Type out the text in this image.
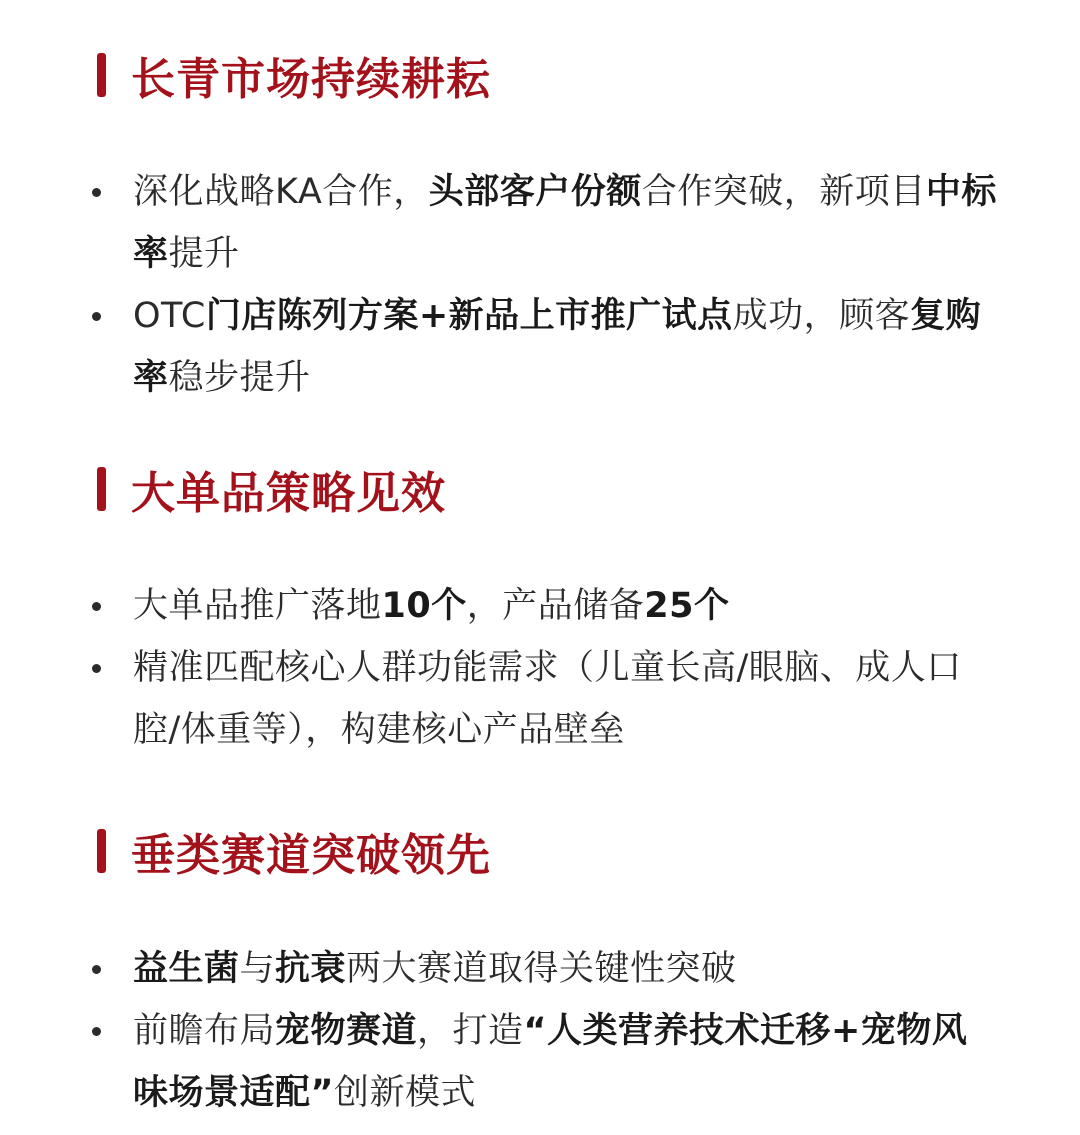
长青市场持续耕耘
深化战略KA合作，头部客户份额合作突破，新项目中标率提升
OTC门店陈列方案+新品上市推广试点成功，顾客复购率稳步提升
大单品策略见效
大单品推广落地10个，产品储备25个
精准匹配核心人群功能需求（儿童长高/眼脑、成人口腔/体重等），构建核心产品壁垒
垂类赛道突破领先
益生菌与抗衰两大赛道取得关键性突破
前瞻布局宠物赛道，打造“人类营养技术迁移+宠物风味场景适配”创新模式
